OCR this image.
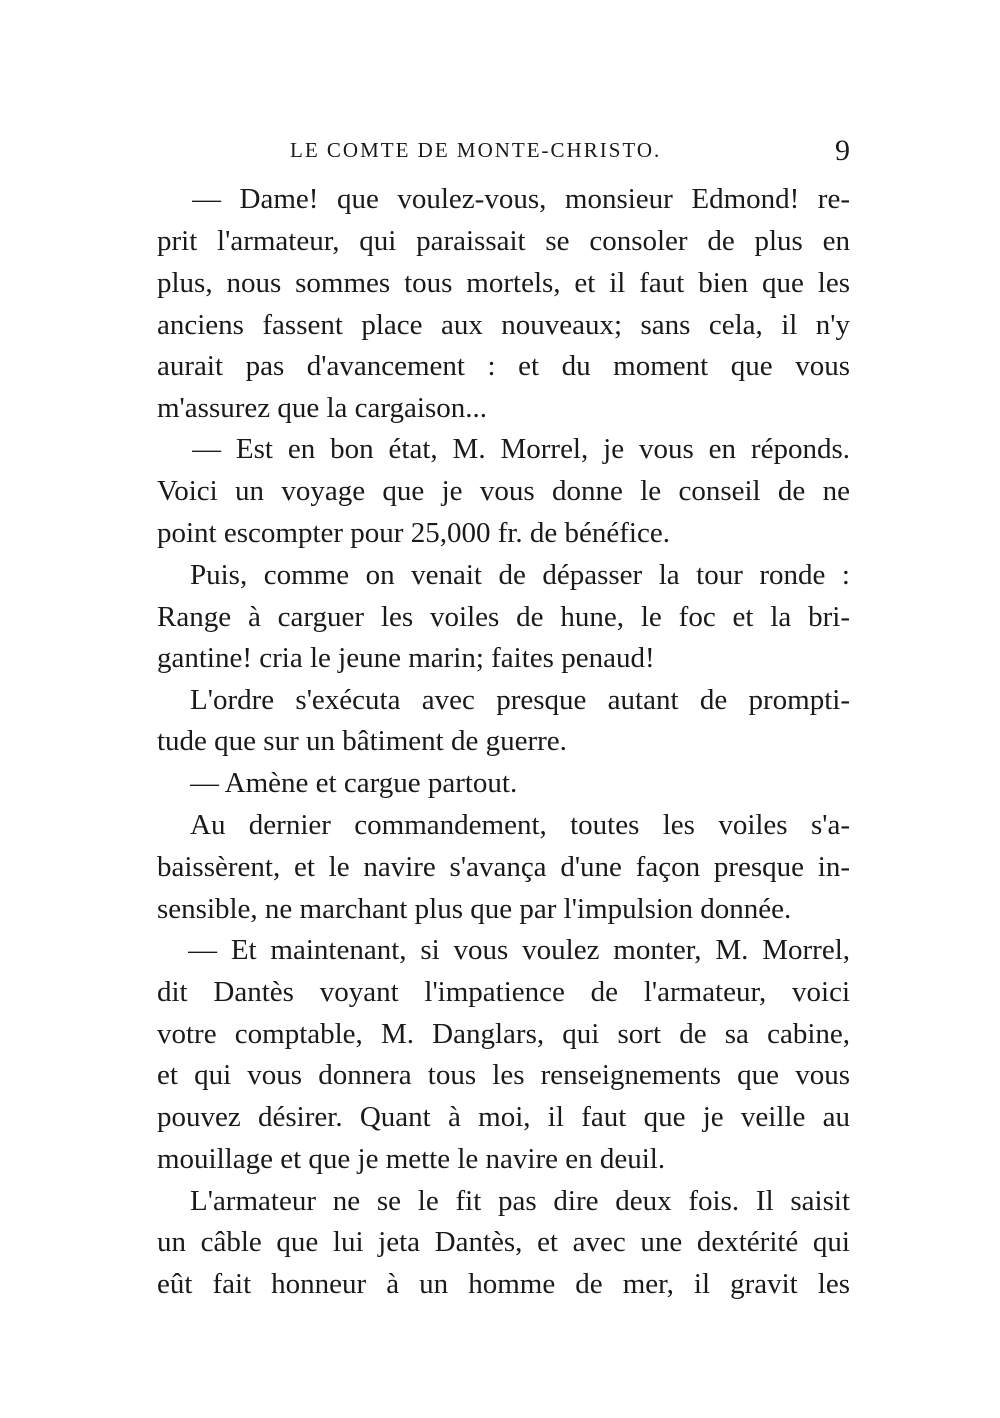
LE COMTE DE MONTE-CHRISTO.	9
— Dame! que voulez-vous, monsieur Edmond! re-
prit l'armateur, qui paraissait se consoler de plus en
plus, nous sommes tous mortels, et il faut bien que les
anciens fassent place aux nouveaux; sans cela, il n'y
aurait pas d'avancement : et du moment que vous
m'assurez que la cargaison...
— Est en bon état, M. Morrel, je vous en réponds.
Voici un voyage que je vous donne le conseil de ne
point escompter pour 25,000 fr. de bénéfice.
Puis, comme on venait de dépasser la tour ronde :
Range à carguer les voiles de hune, le foc et la bri-
gantine! cria le jeune marin; faites penaud!
L'ordre s'exécuta avec presque autant de prompti-
tude que sur un bâtiment de guerre.
— Amène et cargue partout.
Au dernier commandement, toutes les voiles s'a-
baissèrent, et le navire s'avança d'une façon presque in-
sensible, ne marchant plus que par l'impulsion donnée.
— Et maintenant, si vous voulez monter, M. Morrel,
dit Dantès voyant l'impatience de l'armateur, voici
votre comptable, M. Danglars, qui sort de sa cabine,
et qui vous donnera tous les renseignements que vous
pouvez désirer. Quant à moi, il faut que je veille au
mouillage et que je mette le navire en deuil.
L'armateur ne se le fit pas dire deux fois. Il saisit
un câble que lui jeta Dantès, et avec une dextérité qui
eût fait honneur à un homme de mer, il gravit les
